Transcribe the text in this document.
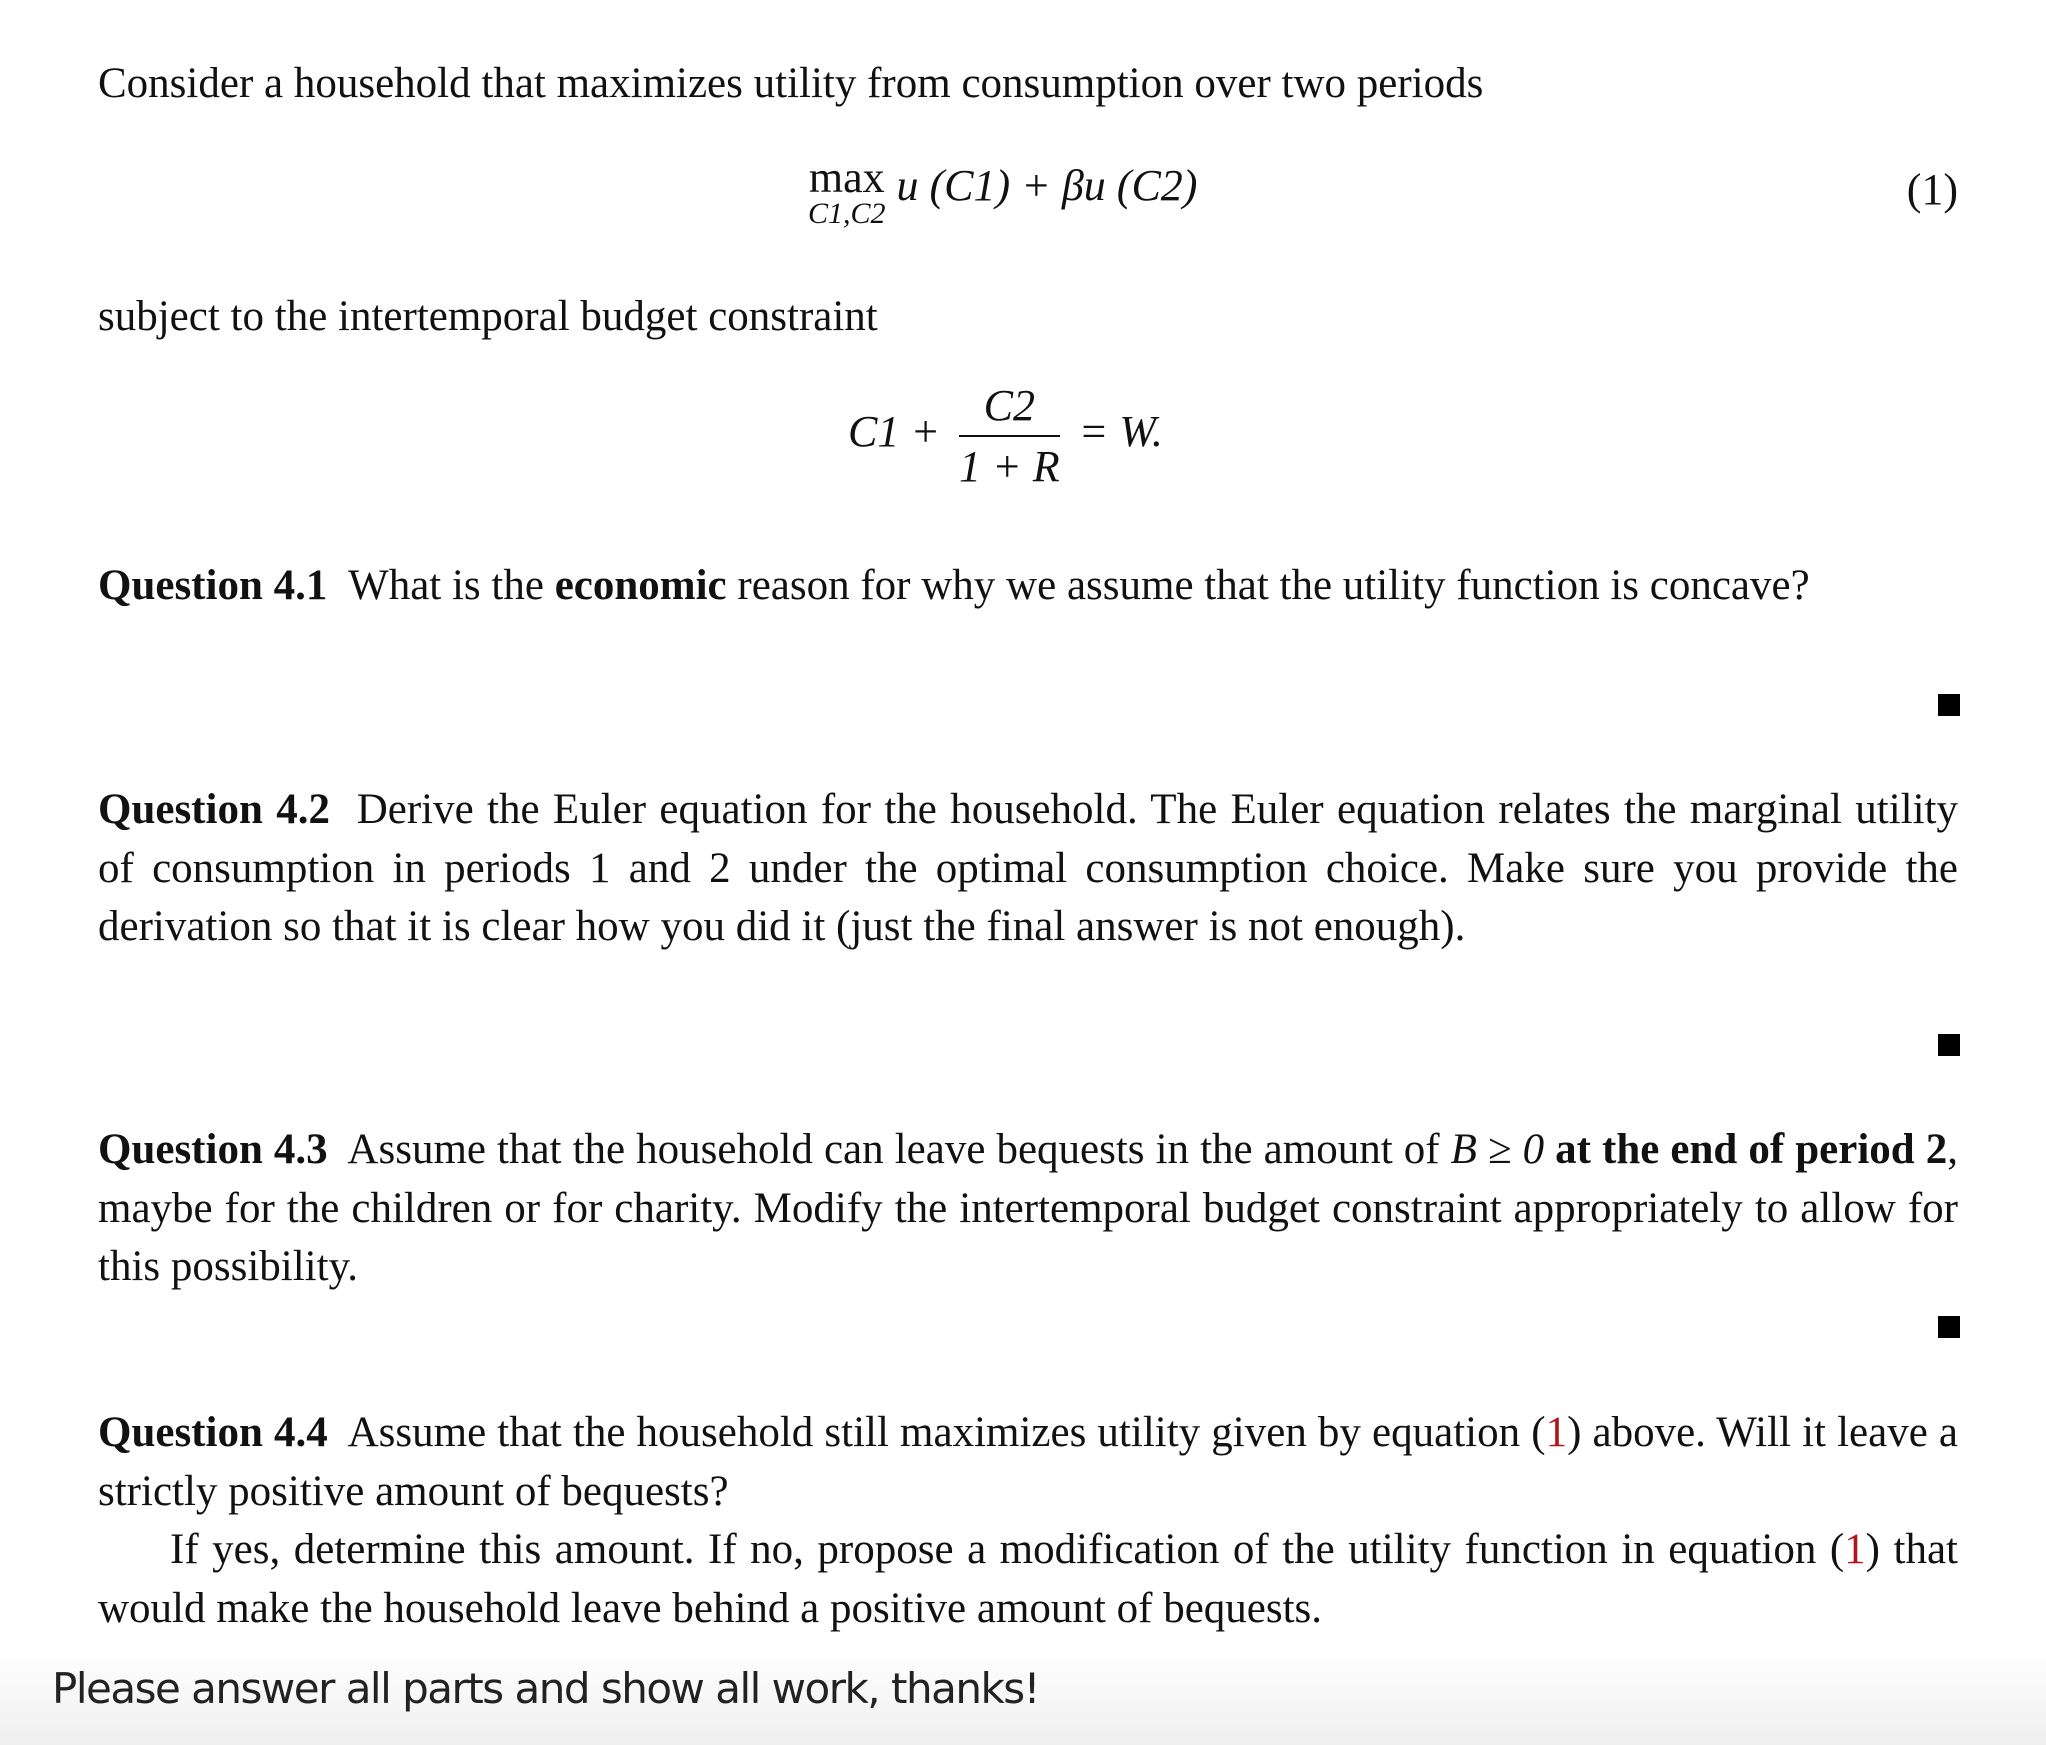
Consider a household that maximizes utility from consumption over two periods
max
C1,C2
u (C1) + βu (C2)	(1)
subject to the intertemporal budget constraint
$C1 + \frac{C2}{1 + R} = W$.
Question 4.1 What is the economic reason for why we assume that the utility function is concave?
Question 4.2 Derive the Euler equation for the household. The Euler equation relates the marginal utility of consumption in periods 1 and 2 under the optimal consumption choice. Make sure you provide the derivation so that it is clear how you did it (just the final answer is not enough).
Question 4.3 Assume that the household can leave bequests in the amount of B ≥ 0 at the end of period 2, maybe for the children or for charity. Modify the intertemporal budget constraint appropriately to allow for this possibility.
Question 4.4 Assume that the household still maximizes utility given by equation (1) above. Will it leave a strictly positive amount of bequests?
If yes, determine this amount. If no, propose a modification of the utility function in equation (1) that would make the household leave behind a positive amount of bequests.
Please answer all parts and show all work, thanks!
